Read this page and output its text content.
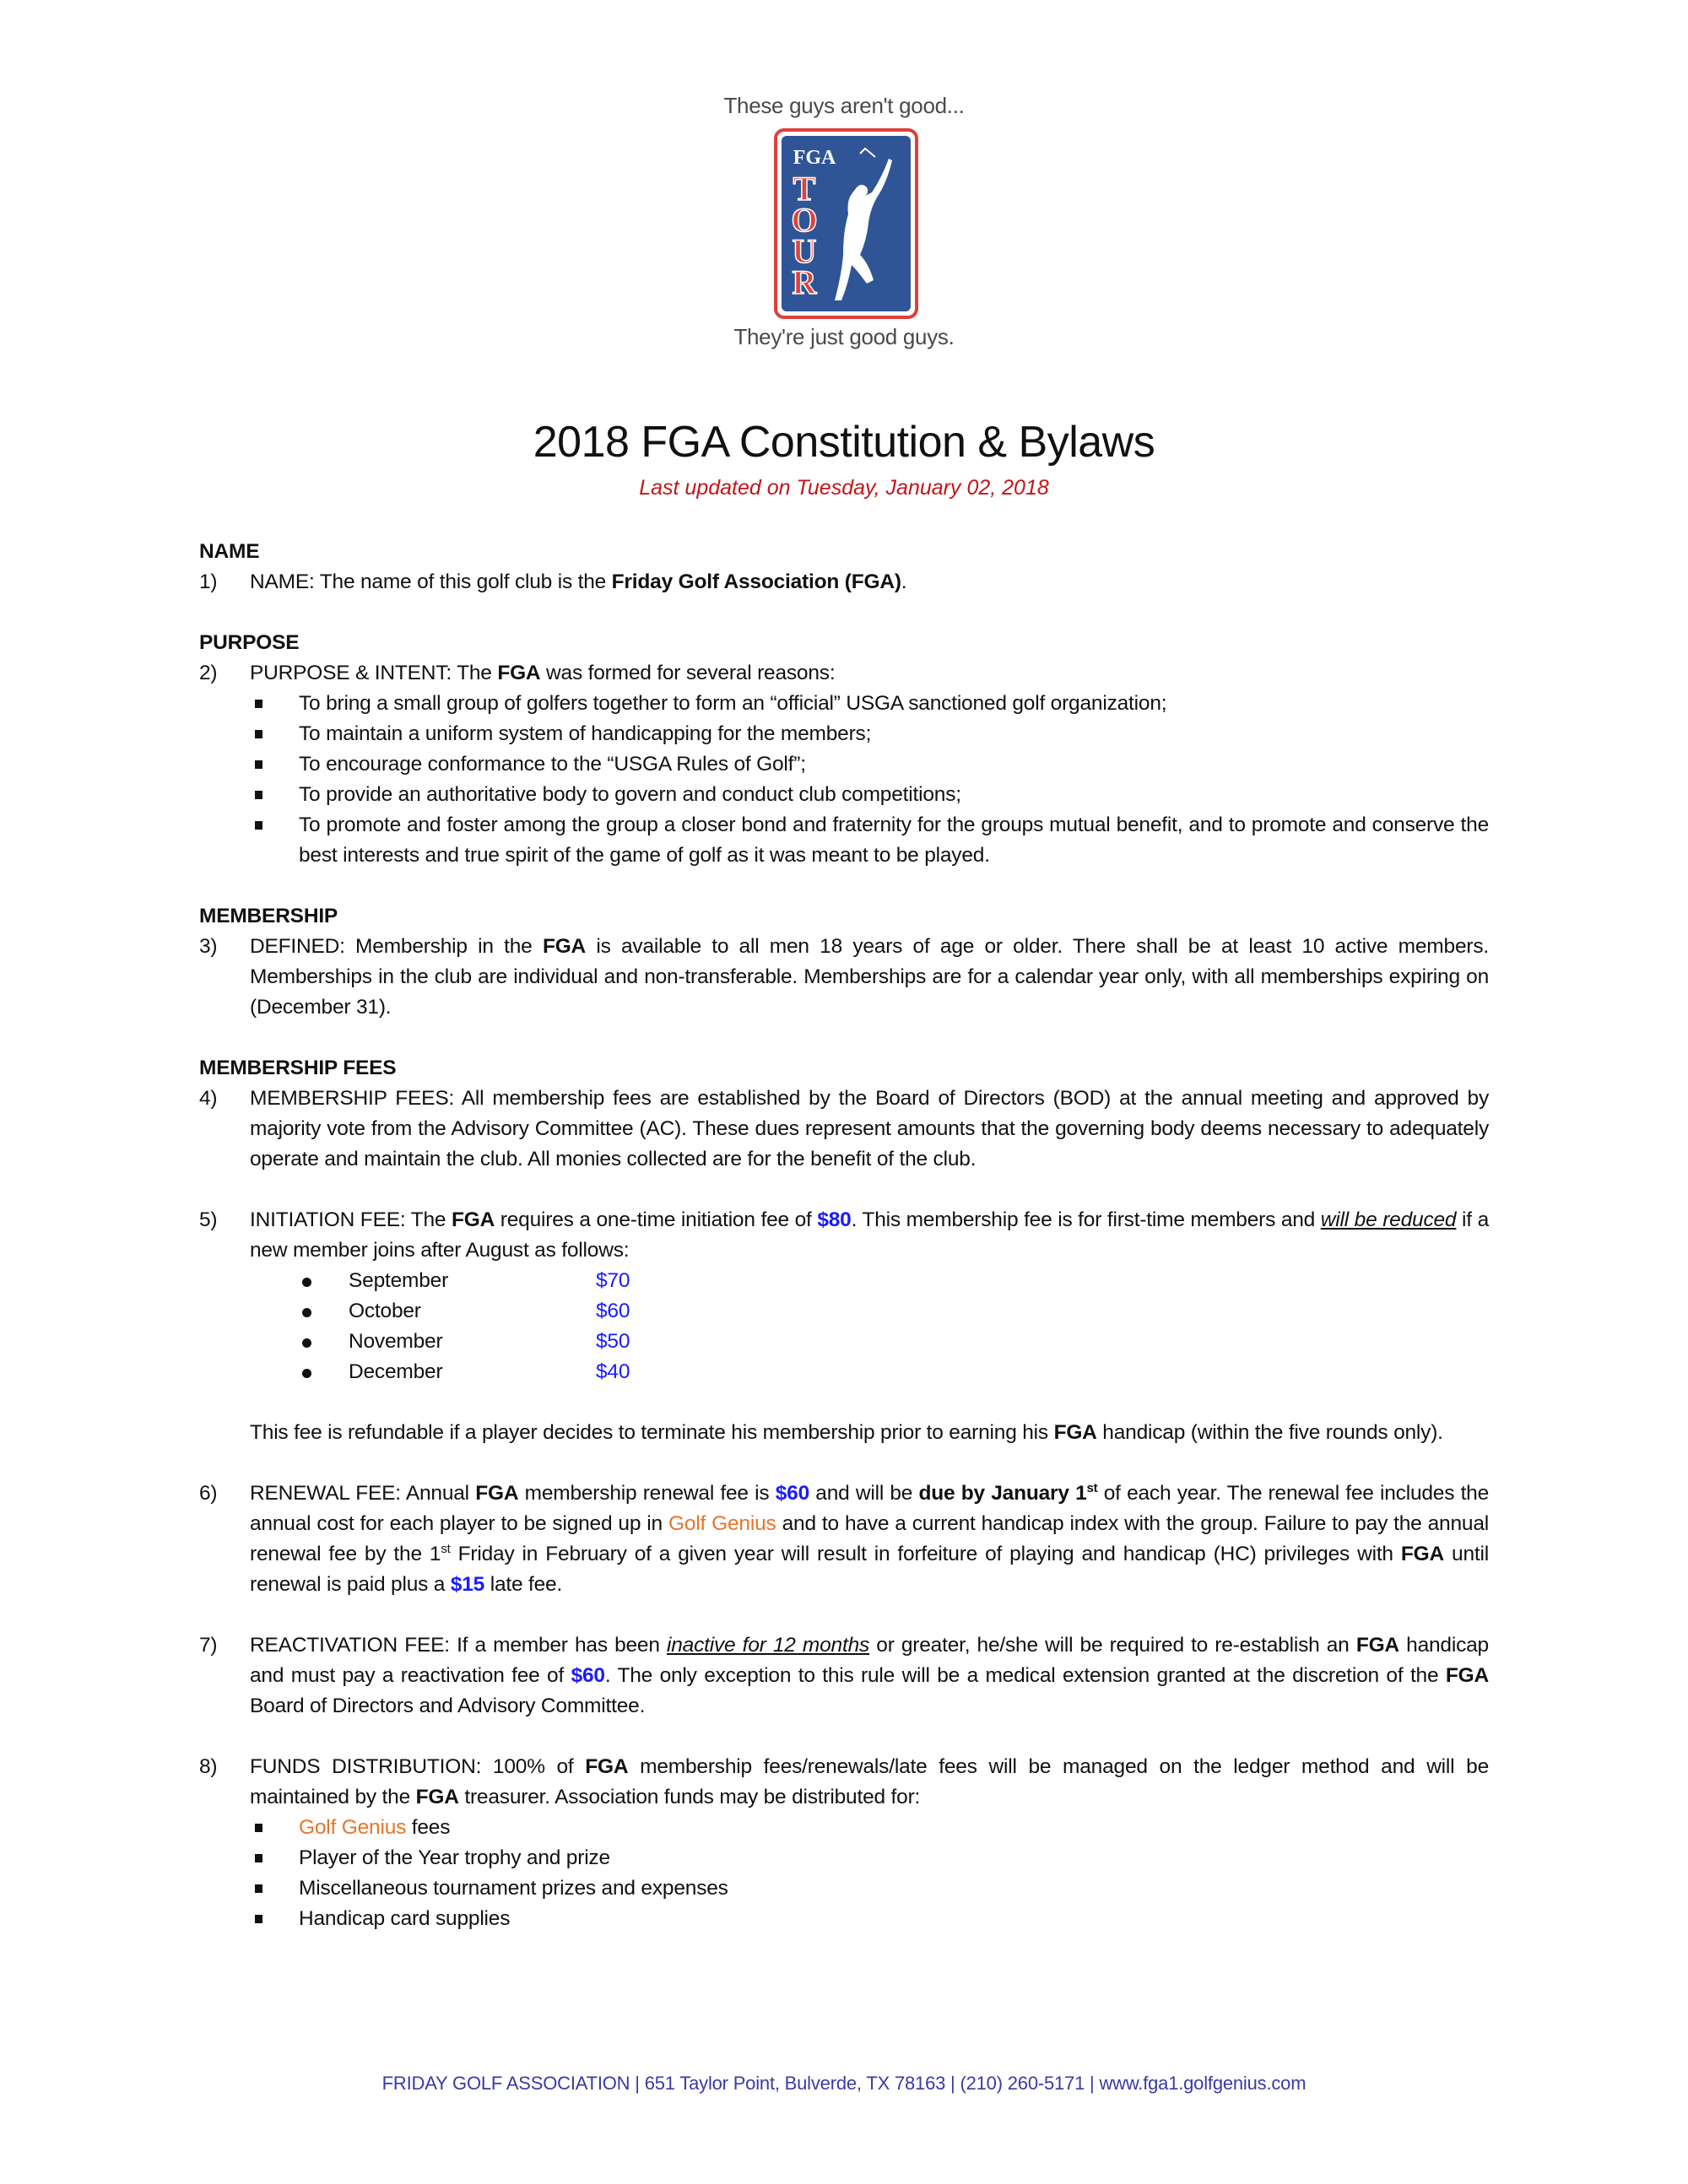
These guys aren't good...
FGA
T
O
U
R
They're just good guys.
2018 FGA Constitution & Bylaws
Last updated on Tuesday, January 02, 2018

NAME

1)	NAME: The name of this golf club is the Friday Golf Association (FGA).

PURPOSE

2)	PURPOSE & INTENT: The FGA was formed for several reasons:
To bring a small group of golfers together to form an “official” USGA sanctioned golf organization;
To maintain a uniform system of handicapping for the members;
To encourage conformance to the “USGA Rules of Golf”;
To provide an authoritative body to govern and conduct club competitions;
To promote and foster among the group a closer bond and fraternity for the groups mutual benefit, and to promote and conserve the best interests and true spirit of the game of golf as it was meant to be played.

MEMBERSHIP

3)	DEFINED: Membership in the FGA is available to all men 18 years of age or older. There shall be at least 10 active members. Memberships in the club are individual and non-transferable. Memberships are for a calendar year only, with all memberships expiring on (December 31).

MEMBERSHIP FEES

4)	MEMBERSHIP FEES: All membership fees are established by the Board of Directors (BOD) at the annual meeting and approved by majority vote from the Advisory Committee (AC). These dues represent amounts that the governing body deems necessary to adequately operate and maintain the club. All monies collected are for the benefit of the club.
5)	INITIATION FEE: The FGA requires a one-time initiation fee of $80. This membership fee is for first-time members and will be reduced if a new member joins after August as follows:
September	$70
October	$60
November	$50
December	$40
This fee is refundable if a player decides to terminate his membership prior to earning his FGA handicap (within the five rounds only).
6)	RENEWAL FEE: Annual FGA membership renewal fee is $60 and will be due by January 1st of each year. The renewal fee includes the annual cost for each player to be signed up in Golf Genius and to have a current handicap index with the group. Failure to pay the annual renewal fee by the 1st Friday in February of a given year will result in forfeiture of playing and handicap (HC) privileges with FGA until renewal is paid plus a $15 late fee.
7)	REACTIVATION FEE: If a member has been inactive for 12 months or greater, he/she will be required to re-establish an FGA handicap and must pay a reactivation fee of $60. The only exception to this rule will be a medical extension granted at the discretion of the FGA Board of Directors and Advisory Committee.
8)	FUNDS DISTRIBUTION: 100% of FGA membership fees/renewals/late fees will be managed on the ledger method and will be maintained by the FGA treasurer. Association funds may be distributed for:
Golf Genius fees
Player of the Year trophy and prize
Miscellaneous tournament prizes and expenses
Handicap card supplies
FRIDAY GOLF ASSOCIATION | 651 Taylor Point, Bulverde, TX 78163 | (210) 260-5171 | www.fga1.golfgenius.com
